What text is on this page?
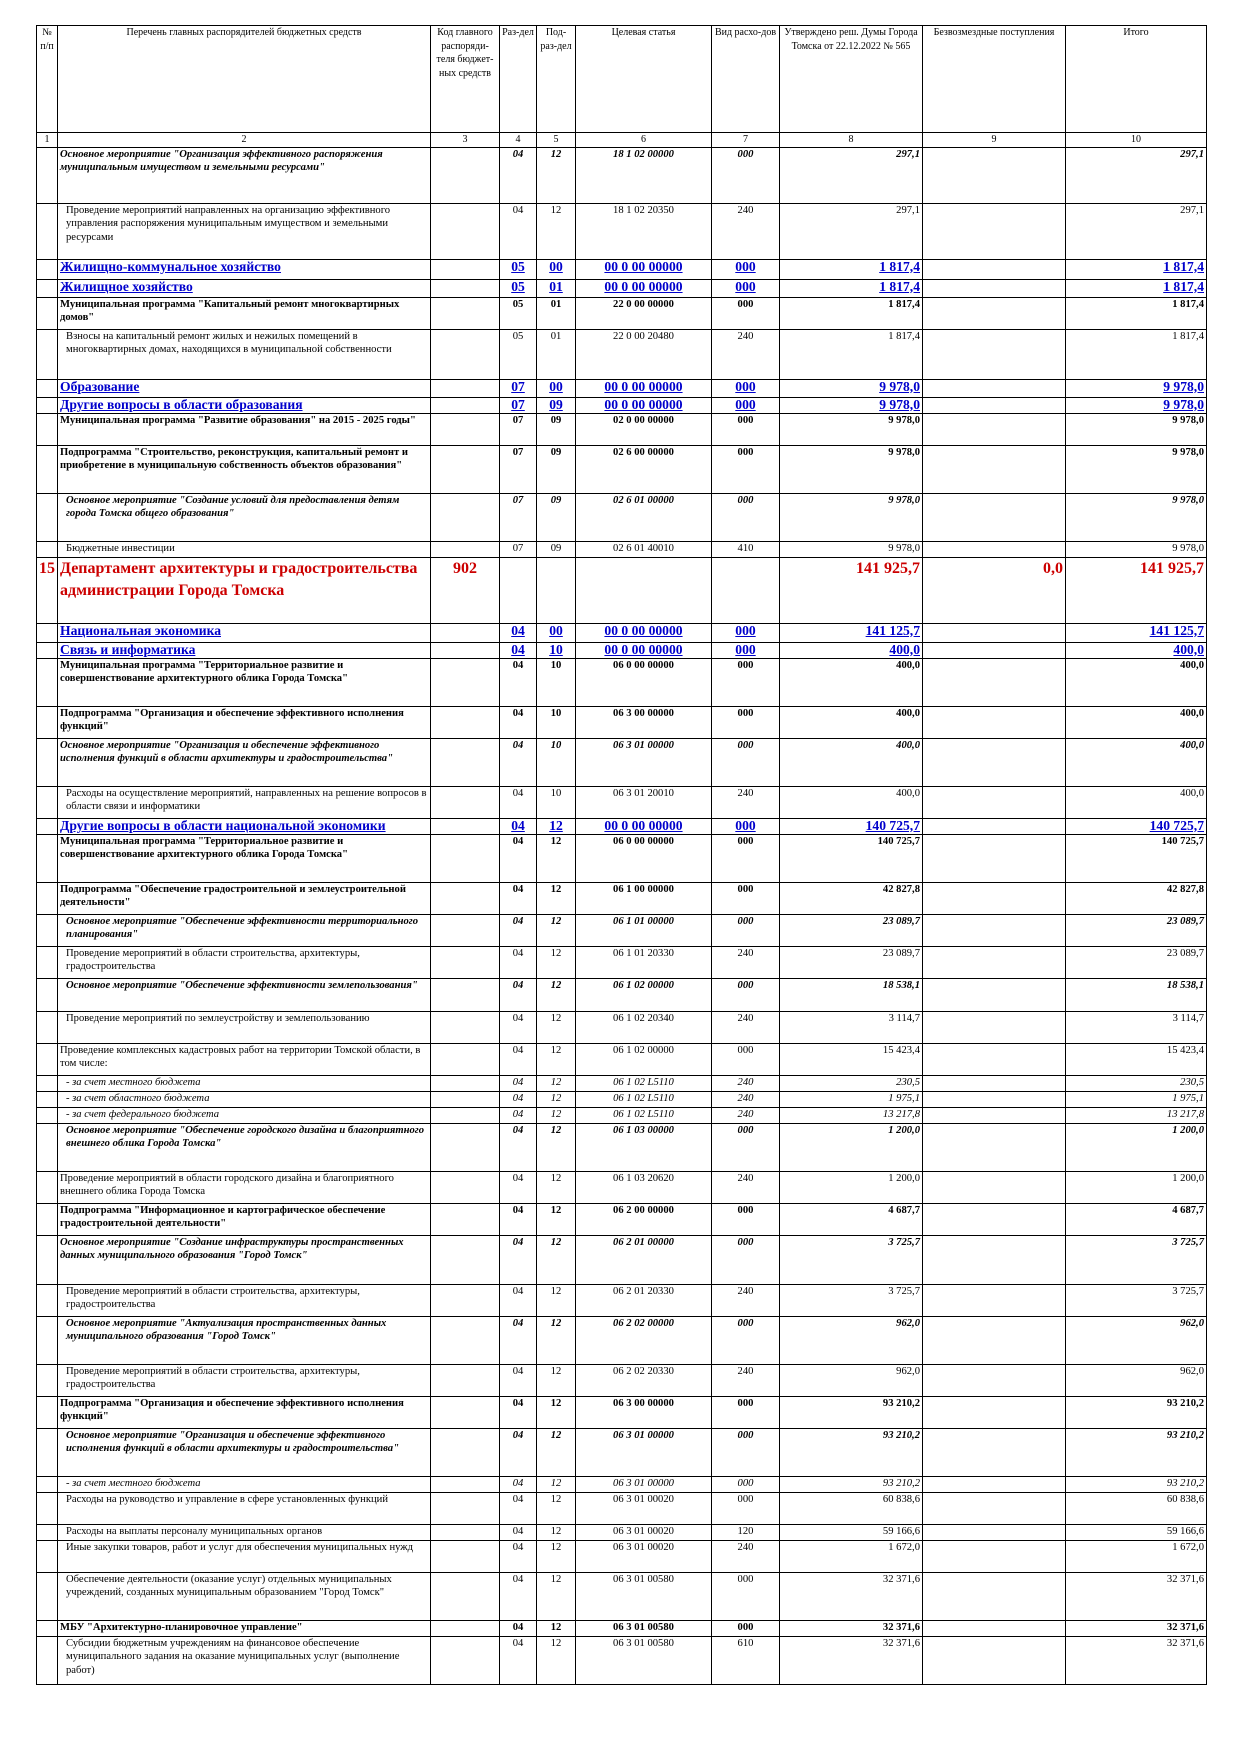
№ п/п	Перечень главных распорядителей бюджетных средств	Код главного распоряди-теля бюджет-ных средств	Раз-дел	Под-раз-дел	Целевая статья	Вид расхо-дов	Утверждено реш. Думы Города Томска от 22.12.2022 № 565	Безвозмездные поступления	Итого
1	2	3	4	5	6	7	8	9	10
	Основное мероприятие "Организация эффективного распоряжения муниципальным имуществом и земельными ресурсами"		04	12	18 1 02 00000	000	297,1		297,1
	Проведение мероприятий направленных на организацию эффективного управления распоряжения муниципальным имуществом и земельными ресурсами		04	12	18 1 02 20350	240	297,1		297,1
	Жилищно-коммунальное хозяйство		05	00	00 0 00 00000	000	1 817,4		1 817,4
	Жилищное хозяйство		05	01	00 0 00 00000	000	1 817,4		1 817,4
	Муниципальная программа "Капитальный ремонт многоквартирных домов"		05	01	22 0 00 00000	000	1 817,4		1 817,4
	Взносы на капитальный ремонт жилых и нежилых помещений в многоквартирных домах, находящихся в муниципальной собственности		05	01	22 0 00 20480	240	1 817,4		1 817,4
	Образование		07	00	00 0 00 00000	000	9 978,0		9 978,0
	Другие вопросы в области образования		07	09	00 0 00 00000	000	9 978,0		9 978,0
	Муниципальная программа "Развитие образования" на 2015 - 2025 годы"		07	09	02 0 00 00000	000	9 978,0		9 978,0
	Подпрограмма "Строительство, реконструкция, капитальный ремонт и приобретение в муниципальную собственность объектов образования"		07	09	02 6 00 00000	000	9 978,0		9 978,0
	Основное мероприятие "Создание условий для предоставления детям города Томска общего образования"		07	09	02 6 01 00000	000	9 978,0		9 978,0
	Бюджетные инвестиции		07	09	02 6 01 40010	410	9 978,0		9 978,0
15	Департамент архитектуры и градостроительства администрации Города Томска	902					141 925,7	0,0	141 925,7
	Национальная экономика		04	00	00 0 00 00000	000	141 125,7		141 125,7
	Связь и информатика		04	10	00 0 00 00000	000	400,0		400,0
	Муниципальная программа "Территориальное развитие и совершенствование архитектурного облика Города Томска"		04	10	06 0 00 00000	000	400,0		400,0
	Подпрограмма "Организация и обеспечение эффективного исполнения функций"		04	10	06 3 00 00000	000	400,0		400,0
	Основное мероприятие "Организация и обеспечение эффективного исполнения функций в области архитектуры и градостроительства"		04	10	06 3 01 00000	000	400,0		400,0
	Расходы на осуществление мероприятий, направленных на решение вопросов в области связи и информатики		04	10	06 3 01 20010	240	400,0		400,0
	Другие вопросы в области национальной экономики		04	12	00 0 00 00000	000	140 725,7		140 725,7
	Муниципальная программа "Территориальное развитие и совершенствование архитектурного облика Города Томска"		04	12	06 0 00 00000	000	140 725,7		140 725,7
	Подпрограмма "Обеспечение градостроительной и землеустроительной деятельности"		04	12	06 1 00 00000	000	42 827,8		42 827,8
	Основное мероприятие "Обеспечение эффективности территориального планирования"		04	12	06 1 01 00000	000	23 089,7		23 089,7
	Проведение мероприятий в области строительства, архитектуры, градостроительства		04	12	06 1 01 20330	240	23 089,7		23 089,7
	Основное мероприятие "Обеспечение эффективности землепользования"		04	12	06 1 02 00000	000	18 538,1		18 538,1
	Проведение мероприятий по землеустройству и землепользованию		04	12	06 1 02 20340	240	3 114,7		3 114,7
	Проведение комплексных кадастровых работ на территории Томской области, в том числе:		04	12	06 1 02 00000	000	15 423,4		15 423,4
	- за счет местного бюджета		04	12	06 1 02 L5110	240	230,5		230,5
	- за счет областного бюджета		04	12	06 1 02 L5110	240	1 975,1		1 975,1
	- за счет федерального бюджета		04	12	06 1 02 L5110	240	13 217,8		13 217,8
	Основное мероприятие "Обеспечение городского дизайна и благоприятного внешнего облика Города Томска"		04	12	06 1 03 00000	000	1 200,0		1 200,0
	Проведение мероприятий в области городского дизайна и благоприятного внешнего облика Города Томска		04	12	06 1 03 20620	240	1 200,0		1 200,0
	Подпрограмма "Информационное и картографическое обеспечение градостроительной деятельности"		04	12	06 2 00 00000	000	4 687,7		4 687,7
	Основное мероприятие "Создание инфраструктуры пространственных данных муниципального образования "Город Томск"		04	12	06 2 01 00000	000	3 725,7		3 725,7
	Проведение мероприятий в области строительства, архитектуры, градостроительства		04	12	06 2 01 20330	240	3 725,7		3 725,7
	Основное мероприятие "Актуализация пространственных данных муниципального образования "Город Томск"		04	12	06 2 02 00000	000	962,0		962,0
	Проведение мероприятий в области строительства, архитектуры, градостроительства		04	12	06 2 02 20330	240	962,0		962,0
	Подпрограмма "Организация и обеспечение эффективного исполнения функций"		04	12	06 3 00 00000	000	93 210,2		93 210,2
	Основное мероприятие "Организация и обеспечение эффективного исполнения функций в области архитектуры и градостроительства"		04	12	06 3 01 00000	000	93 210,2		93 210,2
	- за счет местного бюджета		04	12	06 3 01 00000	000	93 210,2		93 210,2
	Расходы на руководство и управление в сфере установленных функций		04	12	06 3 01 00020	000	60 838,6		60 838,6
	Расходы на выплаты персоналу муниципальных органов		04	12	06 3 01 00020	120	59 166,6		59 166,6
	Иные закупки товаров, работ и услуг для обеспечения муниципальных нужд		04	12	06 3 01 00020	240	1 672,0		1 672,0
	Обеспечение деятельности (оказание услуг) отдельных муниципальных учреждений, созданных муниципальным образованием "Город Томск"		04	12	06 3 01 00580	000	32 371,6		32 371,6
	МБУ "Архитектурно-планировочное управление"		04	12	06 3 01 00580	000	32 371,6		32 371,6
	Субсидии бюджетным учреждениям на финансовое обеспечение муниципального задания на оказание муниципальных услуг (выполнение работ)		04	12	06 3 01 00580	610	32 371,6		32 371,6
